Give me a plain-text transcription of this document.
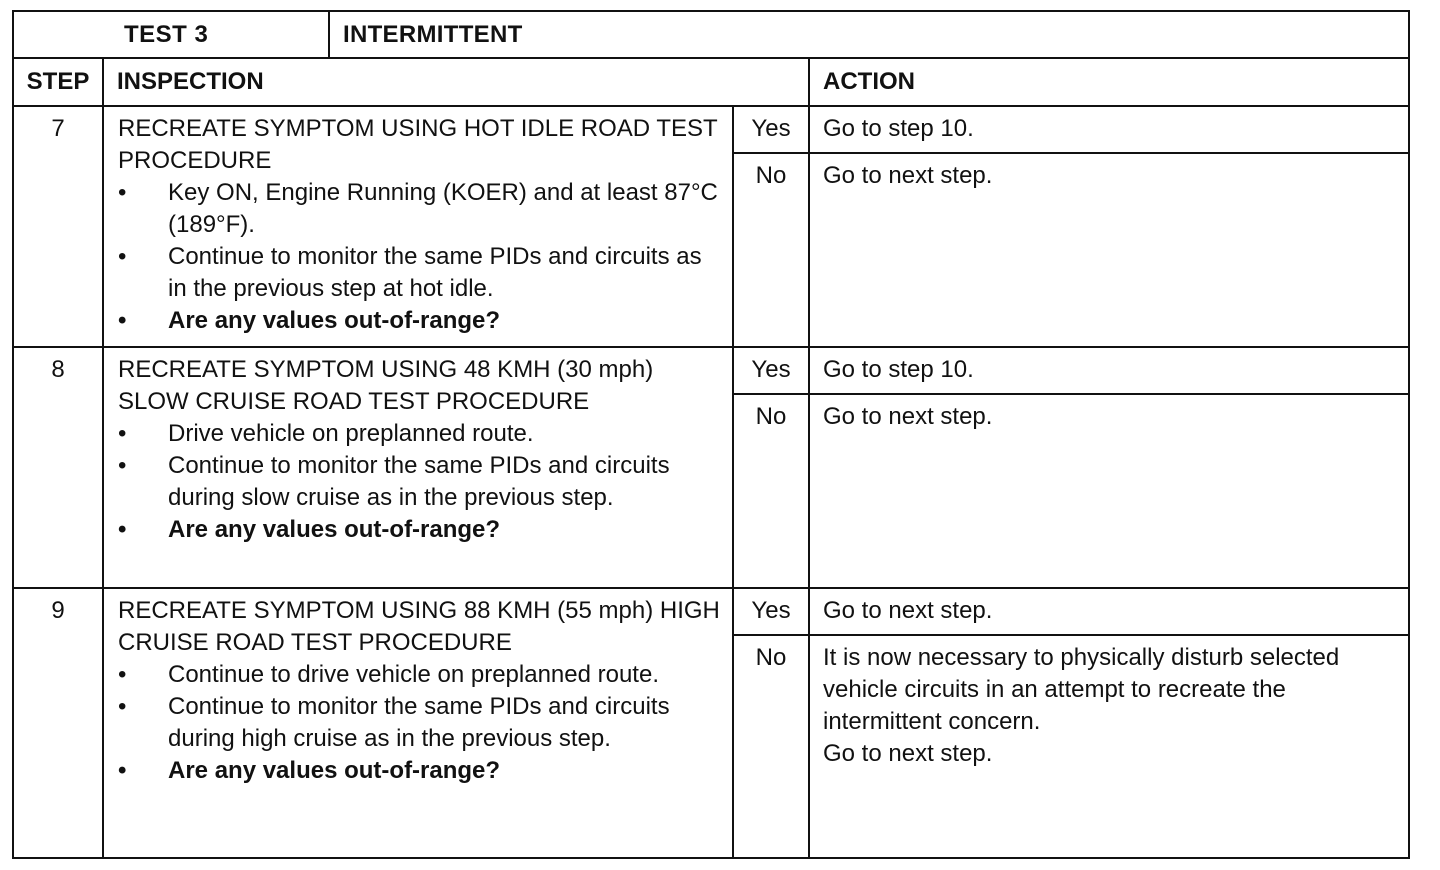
TEST 3	INTERMITTENT
STEP	INSPECTION	ACTION
7	RECREATE SYMPTOM USING HOT IDLE ROAD TEST PROCEDURE

• Key ON, Engine Running (KOER) and at least 87°C (189°F).
• Continue to monitor the same PIDs and circuits as in the previous step at hot idle.
• Are any values out-of-range?
Yes	Go to step 10.
No	Go to next step.
8	RECREATE SYMPTOM USING 48 KMH (30 mph) SLOW CRUISE ROAD TEST PROCEDURE

• Drive vehicle on preplanned route.
• Continue to monitor the same PIDs and circuits during slow cruise as in the previous step.
• Are any values out-of-range?
Yes	Go to step 10.
No	Go to next step.
9	RECREATE SYMPTOM USING 88 KMH (55 mph) HIGH CRUISE ROAD TEST PROCEDURE

• Continue to drive vehicle on preplanned route.
• Continue to monitor the same PIDs and circuits during high cruise as in the previous step.
• Are any values out-of-range?
Yes	Go to next step.
No	It is now necessary to physically disturb selected vehicle circuits in an attempt to recreate the intermittent concern.
Go to next step.
